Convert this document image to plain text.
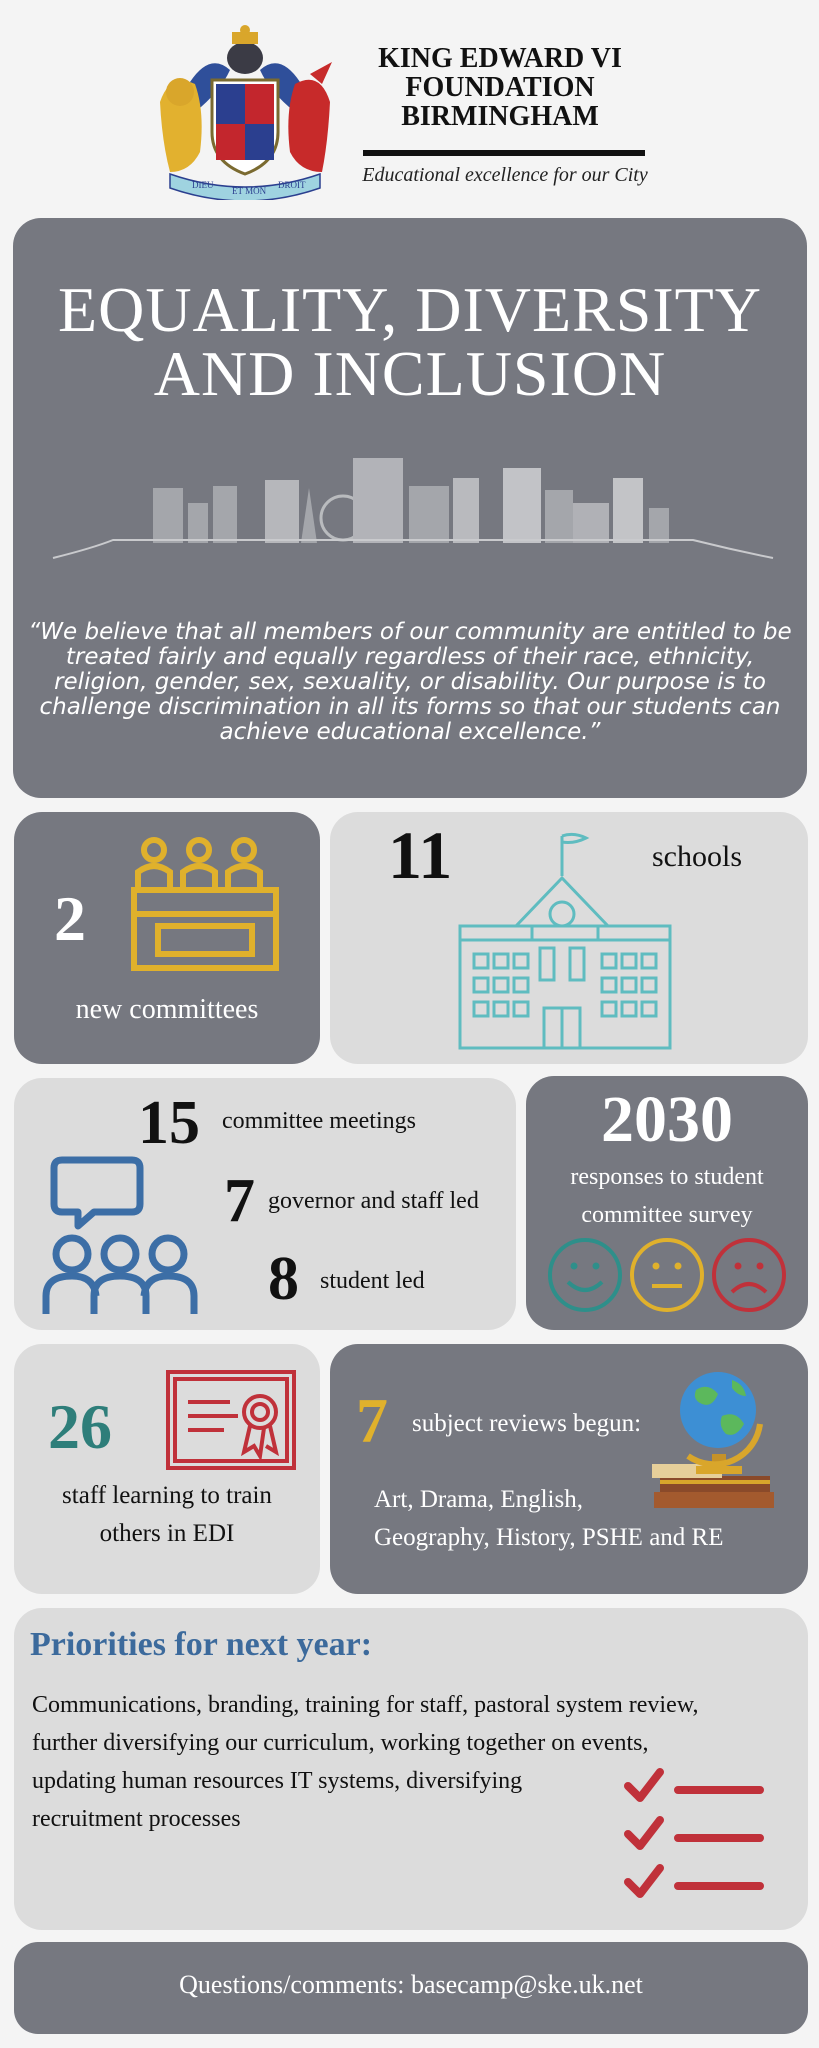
DIEU
ET MON
DROIT
KING EDWARD VI
FOUNDATION
BIRMINGHAM
Educational excellence for our City
EQUALITY, DIVERSITY
AND INCLUSION
“We believe that all members of our community are entitled to be treated fairly and equally regardless of their race, ethnicity, religion, gender, sex, sexuality, or disability. Our purpose is to challenge discrimination in all its forms so that our students can achieve educational excellence.”
2
new committees
11	schools
15 committee meetings
7 governor and staff led
8 student led
2030
responses to student
committee survey
26
staff learning to train
others in EDI
7 subject reviews begun:
Art, Drama, English,
Geography, History, PSHE and RE
Priorities for next year:
Communications, branding, training for staff, pastoral system review,
further diversifying our curriculum, working together on events,
updating human resources IT systems, diversifying
recruitment processes
Questions/comments: basecamp@ske.uk.net
